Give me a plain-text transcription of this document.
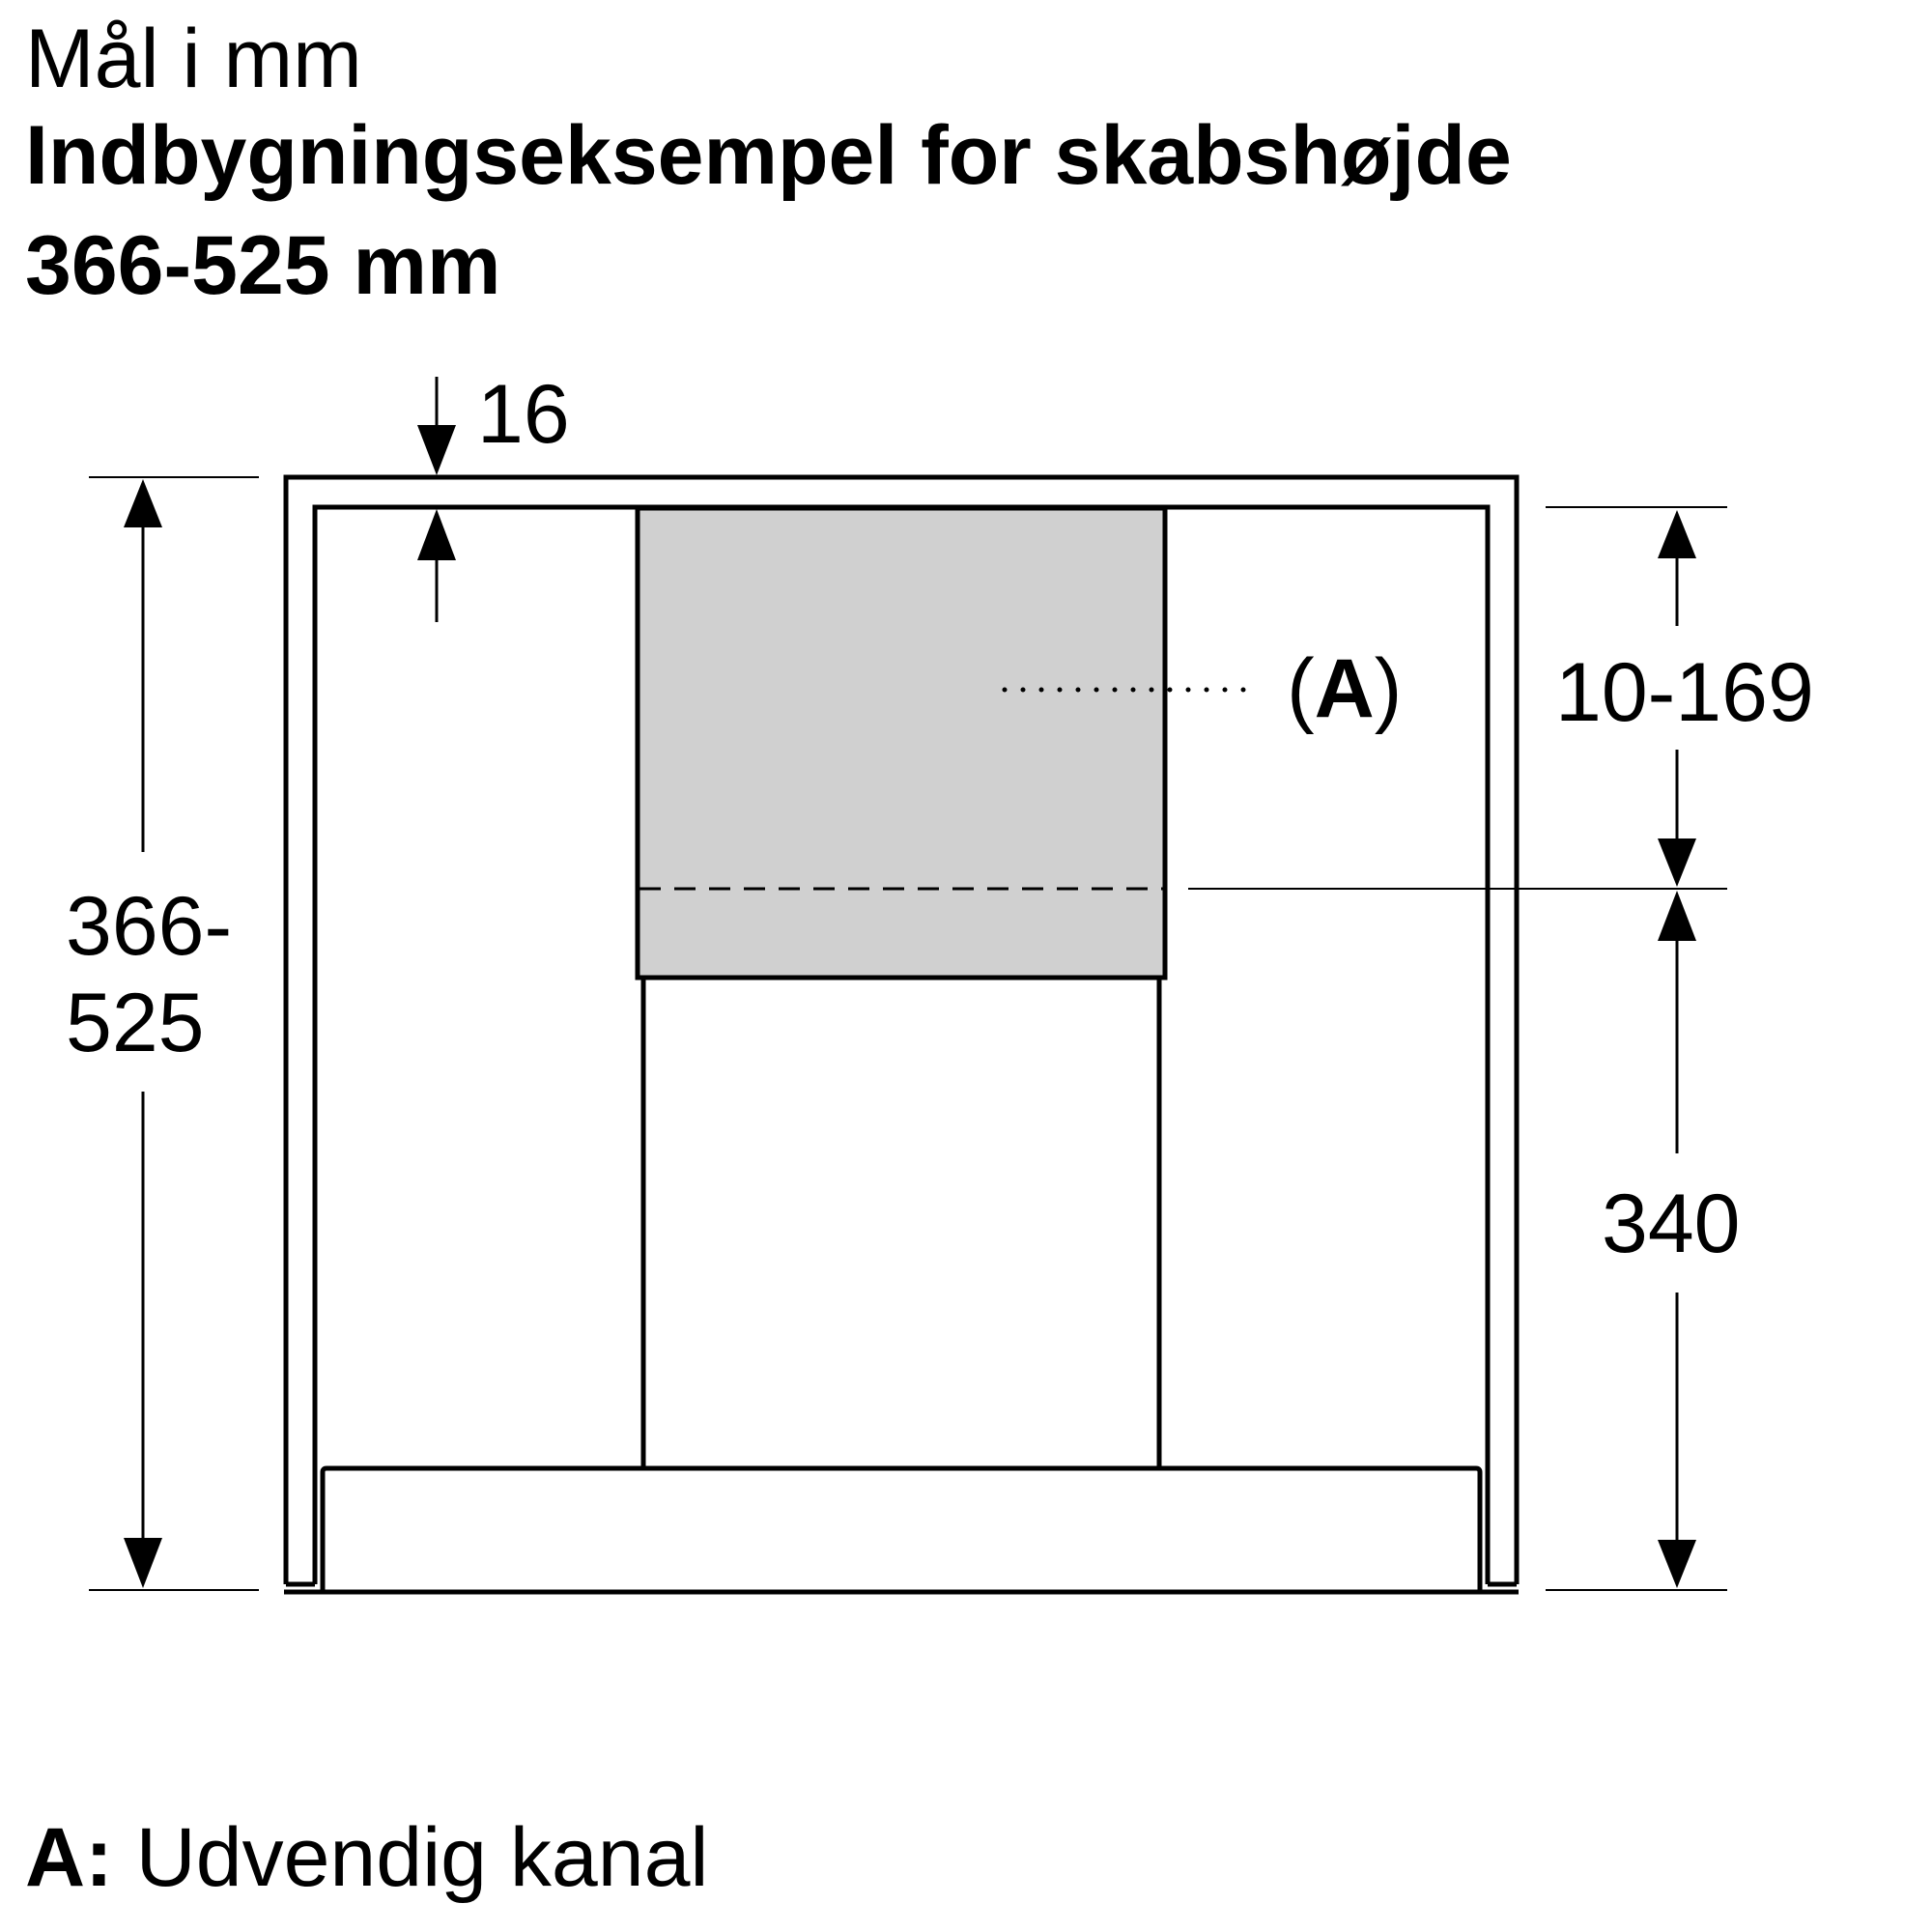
Mål i mm
Indbygningseksempel for skabshøjde
366-525 mm
(A)
16
366-
525
10-169
340
A: Udvendig kanal
